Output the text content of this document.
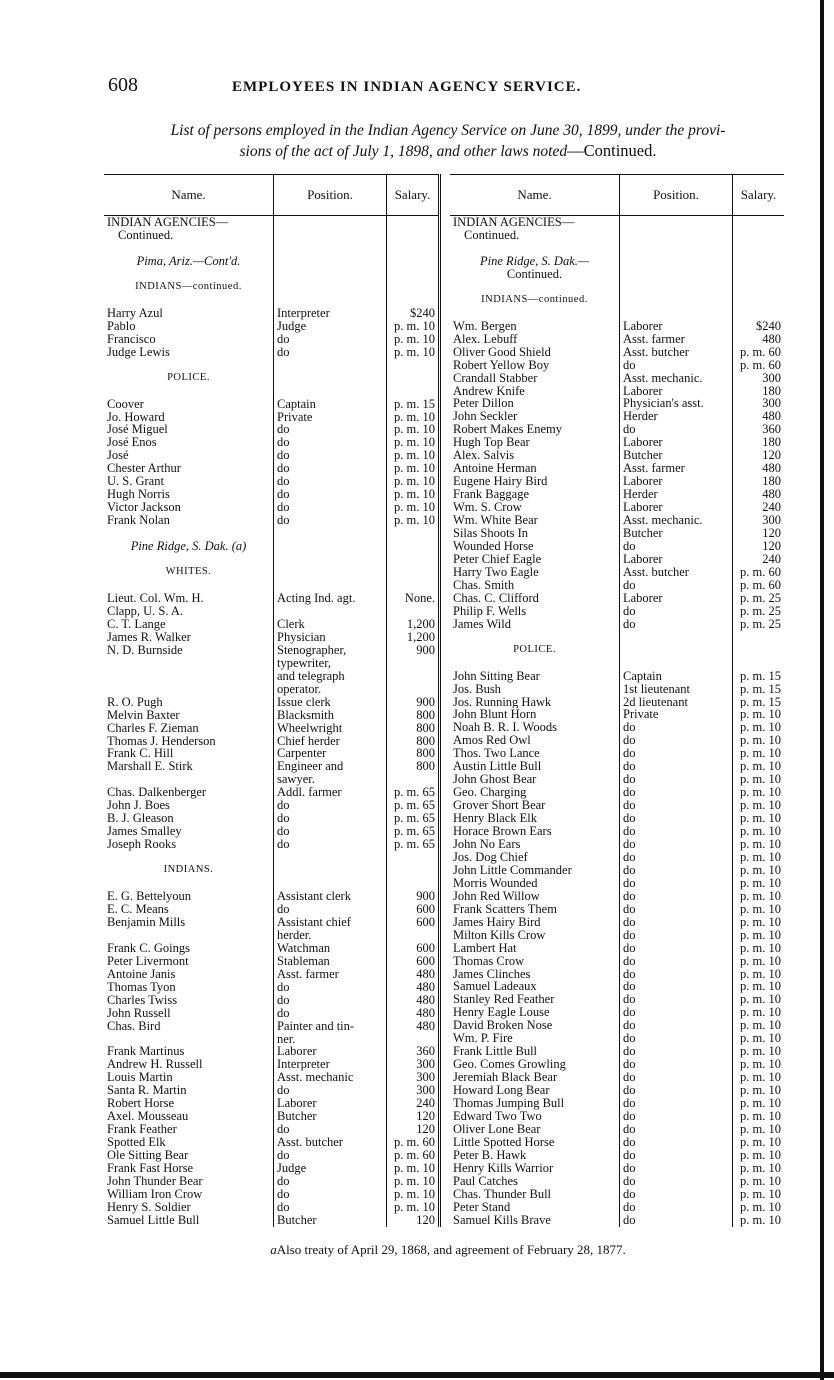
608	EMPLOYEES IN INDIAN AGENCY SERVICE.
List of persons employed in the Indian Agency Service on June 30, 1899, under the provi-
sions of the act of July 1, 1898, and other laws noted—Continued.
Name.	Position.	Salary.
INDIAN AGENCIES—		
Continued.		

Pima, Ariz.—Cont'd.		

INDIANS—continued.		

Harry Azul	Interpreter	$240
Pablo	Judge	p. m. 10
Francisco	do	p. m. 10
Judge Lewis	do	p. m. 10

POLICE.		

Coover	Captain	p. m. 15
Jo. Howard	Private	p. m. 10
José Miguel	do	p. m. 10
José Enos	do	p. m. 10
José	do	p. m. 10
Chester Arthur	do	p. m. 10
U. S. Grant	do	p. m. 10
Hugh Norris	do	p. m. 10
Victor Jackson	do	p. m. 10
Frank Nolan	do	p. m. 10

Pine Ridge, S. Dak. (a)		

WHITES.		

Lieut. Col. Wm. H.	Acting Ind. agt.	None.
Clapp, U. S. A.		
C. T. Lange	Clerk	1,200
James R. Walker	Physician	1,200
N. D. Burnside	Stenographer,	900
	typewriter,	
	and telegraph	
	operator.	
R. O. Pugh	Issue clerk	900
Melvin Baxter	Blacksmith	800
Charles F. Zieman	Wheelwright	800
Thomas J. Henderson	Chief herder	800
Frank C. Hill	Carpenter	800
Marshall E. Stirk	Engineer and	800
	sawyer.	
Chas. Dalkenberger	Addl. farmer	p. m. 65
John J. Boes	do	p. m. 65
B. J. Gleason	do	p. m. 65
James Smalley	do	p. m. 65
Joseph Rooks	do	p. m. 65

INDIANS.		

E. G. Bettelyoun	Assistant clerk	900
E. C. Means	do	600
Benjamin Mills	Assistant chief	600
	herder.	
Frank C. Goings	Watchman	600
Peter Livermont	Stableman	600
Antoine Janis	Asst. farmer	480
Thomas Tyon	do	480
Charles Twiss	do	480
John Russell	do	480
Chas. Bird	Painter and tin-	480
	ner.	
Frank Martinus	Laborer	360
Andrew H. Russell	Interpreter	300
Louis Martin	Asst. mechanic	300
Santa R. Martin	do	300
Robert Horse	Laborer	240
Axel. Mousseau	Butcher	120
Frank Feather	do	120
Spotted Elk	Asst. butcher	p. m. 60
Ole Sitting Bear	do	p. m. 60
Frank Fast Horse	Judge	p. m. 10
John Thunder Bear	do	p. m. 10
William Iron Crow	do	p. m. 10
Henry S. Soldier	do	p. m. 10
Samuel Little Bull	Butcher	120
Name.	Position.	Salary.
INDIAN AGENCIES—		
Continued.		

Pine Ridge, S. Dak.—		
Continued.		

INDIANS—continued.		

Wm. Bergen	Laborer	$240
Alex. Lebuff	Asst. farmer	480
Oliver Good Shield	Asst. butcher	p. m. 60
Robert Yellow Boy	do	p. m. 60
Crandall Stabber	Asst. mechanic.	300
Andrew Knife	Laborer	180
Peter Dillon	Physician's asst.	300
John Seckler	Herder	480
Robert Makes Enemy	do	360
Hugh Top Bear	Laborer	180
Alex. Salvis	Butcher	120
Antoine Herman	Asst. farmer	480
Eugene Hairy Bird	Laborer	180
Frank Baggage	Herder	480
Wm. S. Crow	Laborer	240
Wm. White Bear	Asst. mechanic.	300
Silas Shoots In	Butcher	120
Wounded Horse	do	120
Peter Chief Eagle	Laborer	240
Harry Two Eagle	Asst. butcher	p. m. 60
Chas. Smith	do	p. m. 60
Chas. C. Clifford	Laborer	p. m. 25
Philip F. Wells	do	p. m. 25
James Wild	do	p. m. 25

POLICE.		

John Sitting Bear	Captain	p. m. 15
Jos. Bush	1st lieutenant	p. m. 15
Jos. Running Hawk	2d lieutenant	p. m. 15
John Blunt Horn	Private	p. m. 10
Noah B. R. I. Woods	do	p. m. 10
Amos Red Owl	do	p. m. 10
Thos. Two Lance	do	p. m. 10
Austin Little Bull	do	p. m. 10
John Ghost Bear	do	p. m. 10
Geo. Charging	do	p. m. 10
Grover Short Bear	do	p. m. 10
Henry Black Elk	do	p. m. 10
Horace Brown Ears	do	p. m. 10
John No Ears	do	p. m. 10
Jos. Dog Chief	do	p. m. 10
John Little Commander	do	p. m. 10
Morris Wounded	do	p. m. 10
John Red Willow	do	p. m. 10
Frank Scatters Them	do	p. m. 10
James Hairy Bird	do	p. m. 10
Milton Kills Crow	do	p. m. 10
Lambert Hat	do	p. m. 10
Thomas Crow	do	p. m. 10
James Clinches	do	p. m. 10
Samuel Ladeaux	do	p. m. 10
Stanley Red Feather	do	p. m. 10
Henry Eagle Louse	do	p. m. 10
David Broken Nose	do	p. m. 10
Wm. P. Fire	do	p. m. 10
Frank Little Bull	do	p. m. 10
Geo. Comes Growling	do	p. m. 10
Jeremiah Black Bear	do	p. m. 10
Howard Long Bear	do	p. m. 10
Thomas Jumping Bull	do	p. m. 10
Edward Two Two	do	p. m. 10
Oliver Lone Bear	do	p. m. 10
Little Spotted Horse	do	p. m. 10
Peter B. Hawk	do	p. m. 10
Henry Kills Warrior	do	p. m. 10
Paul Catches	do	p. m. 10
Chas. Thunder Bull	do	p. m. 10
Peter Stand	do	p. m. 10
Samuel Kills Brave	do	p. m. 10
aAlso treaty of April 29, 1868, and agreement of February 28, 1877.
